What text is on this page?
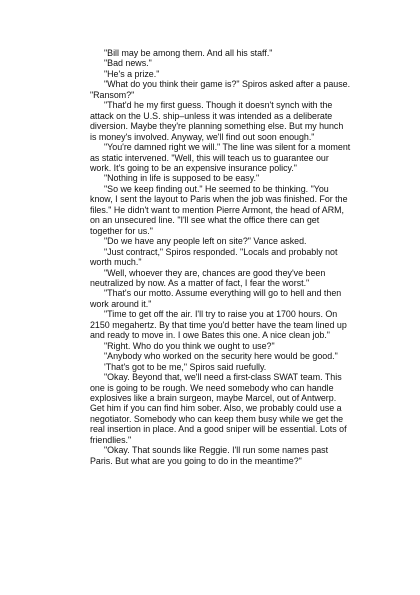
"Bill may be among them. And all his staff."

"Bad news."

"He's a prize."

"What do you think their game is?" Spiros asked after a pause. "Ransom?"

"That'd he my first guess. Though it doesn't synch with the attack on the U.S. ship–unless it was intended as a deliberate diversion. Maybe they're planning something else. But my hunch is money's involved. Anyway, we'll find out soon enough."

"You're damned right we will." The line was silent for a moment as static intervened. "Well, this will teach us to guarantee our work. It's going to be an expensive insurance policy."

"Nothing in life is supposed to be easy."

"So we keep finding out." He seemed to be thinking. "You know, I sent the layout to Paris when the job was finished. For the files." He didn't want to mention Pierre Armont, the head of ARM, on an unsecured line. "I'll see what the office there can get together for us."

"Do we have any people left on site?" Vance asked.

"Just contract," Spiros responded. "Locals and probably not worth much."

"Well, whoever they are, chances are good they've been neutralized by now. As a matter of fact, I fear the worst."

"That's our motto. Assume everything will go to hell and then work around it."

"Time to get off the air. I'll try to raise you at 1700 hours. On 2150 megahertz. By that time you'd better have the team lined up and ready to move in. I owe Bates this one. A nice clean job."

"Right. Who do you think we ought to use?"

"Anybody who worked on the security here would be good."

'That's got to be me," Spiros said ruefully.

"Okay. Beyond that, we'll need a first-class SWAT team. This one is going to be rough. We need somebody who can handle explosives like a brain surgeon, maybe Marcel, out of Antwerp. Get him if you can find him sober. Also, we probably could use a negotiator. Somebody who can keep them busy while we get the real insertion in place. And a good sniper will be essential. Lots of friendlies."

"Okay. That sounds like Reggie. I'll run some names past Paris. But what are you going to do in the meantime?"
